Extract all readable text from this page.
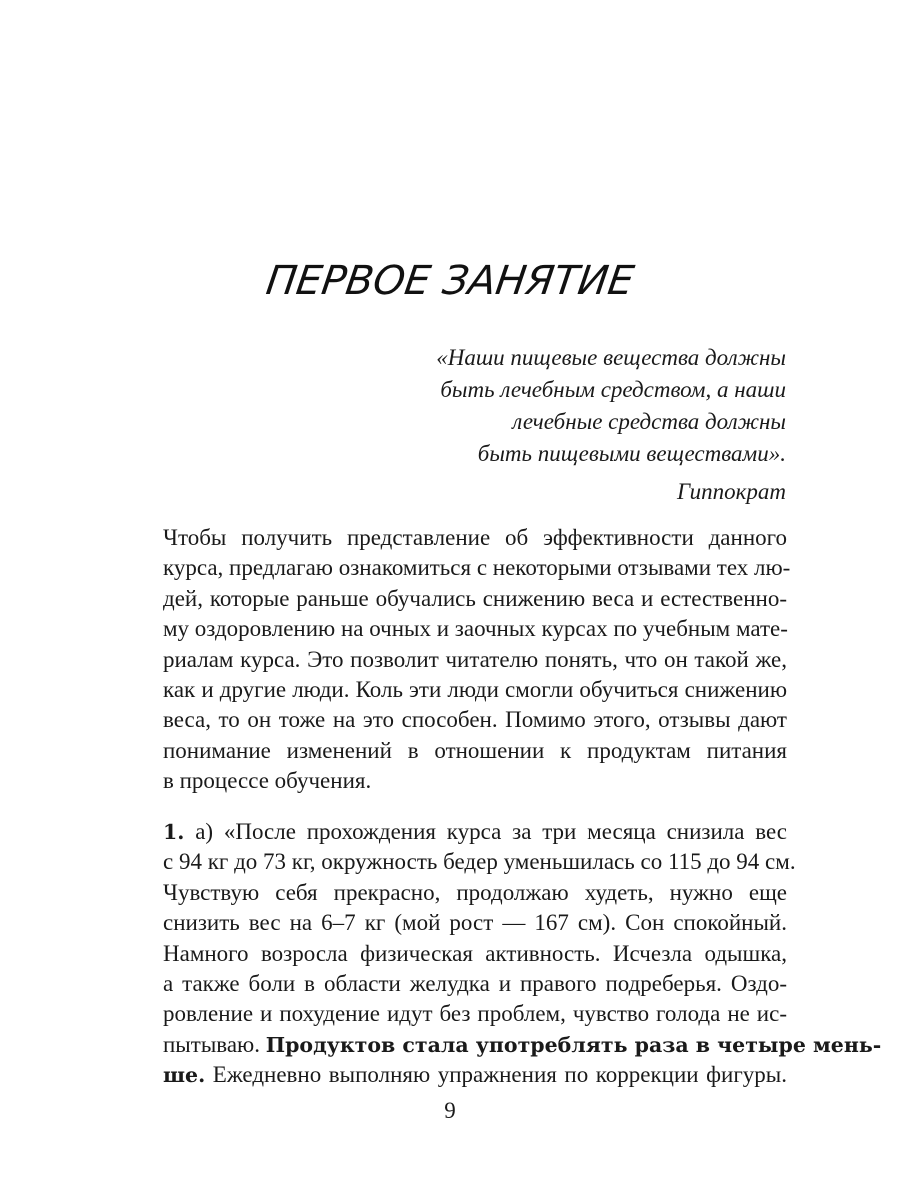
ПЕРВОЕ ЗАНЯТИЕ
«Наши пищевые вещества должны
быть лечебным средством, а наши
лечебные средства должны
быть пищевыми веществами».
Гиппократ
Чтобы получить представление об эффективности данного
курса, предлагаю ознакомиться с некоторыми отзывами тех лю-
дей, которые раньше обучались снижению веса и естественно-
му оздоровлению на очных и заочных курсах по учебным мате-
риалам курса. Это позволит читателю понять, что он такой же,
как и другие люди. Коль эти люди смогли обучиться снижению
веса, то он тоже на это способен. Помимо этого, отзывы дают
понимание изменений в отношении к продуктам питания
в процессе обучения.
1. а) «После прохождения курса за три месяца снизила вес
с 94 кг до 73 кг, окружность бедер уменьшилась со 115 до 94 см.
Чувствую себя прекрасно, продолжаю худеть, нужно еще
снизить вес на 6–7 кг (мой рост — 167 см). Сон спокойный.
Намного возросла физическая активность. Исчезла одышка,
а также боли в области желудка и правого подреберья. Оздо-
ровление и похудение идут без проблем, чувство голода не ис-
пытываю. Продуктов стала употреблять раза в четыре мень-
ше. Ежедневно выполняю упражнения по коррекции фигуры.
9
